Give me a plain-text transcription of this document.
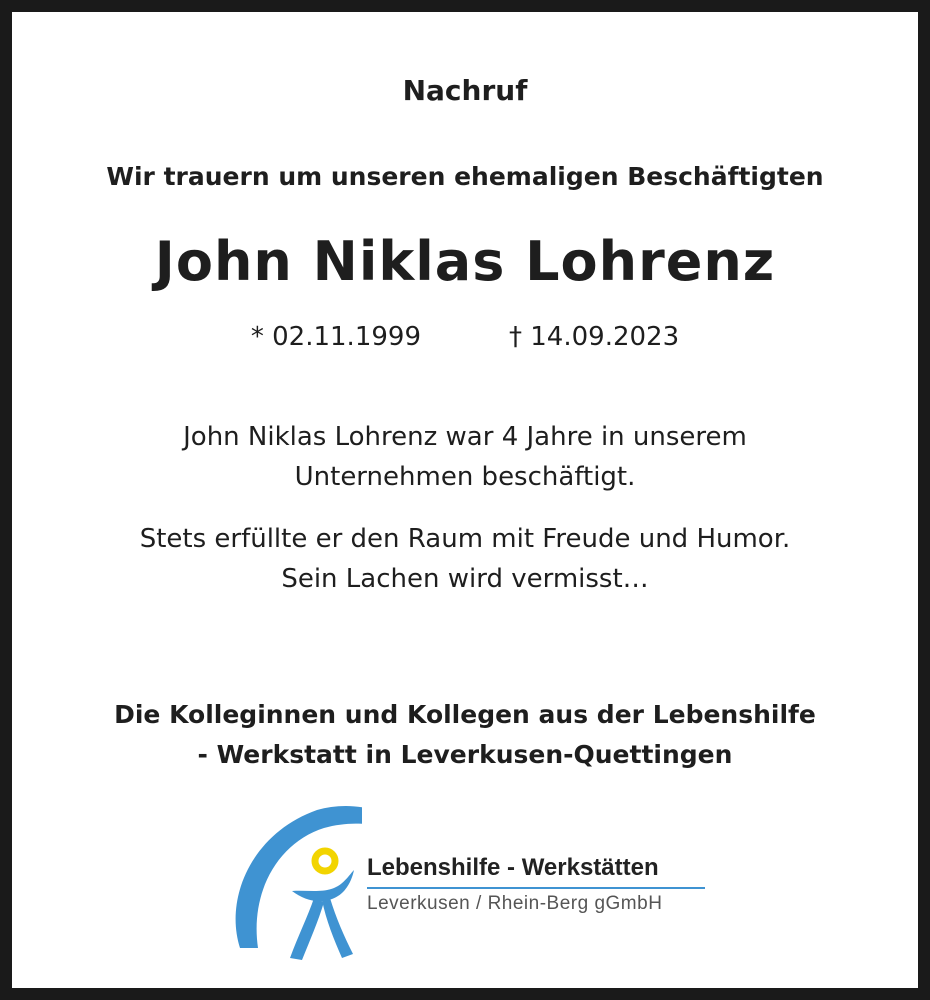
Nachruf
Wir trauern um unseren ehemaligen Beschäftigten
John Niklas Lohrenz
* 02.11.1999	† 14.09.2023
John Niklas Lohrenz war 4 Jahre in unserem
Unternehmen beschäftigt.
Stets erfüllte er den Raum mit Freude und Humor.
Sein Lachen wird vermisst…
Die Kolleginnen und Kollegen aus der Lebenshilfe
- Werkstatt in Leverkusen-Quettingen
Lebenshilfe - Werkstätten
Leverkusen / Rhein-Berg gGmbH
